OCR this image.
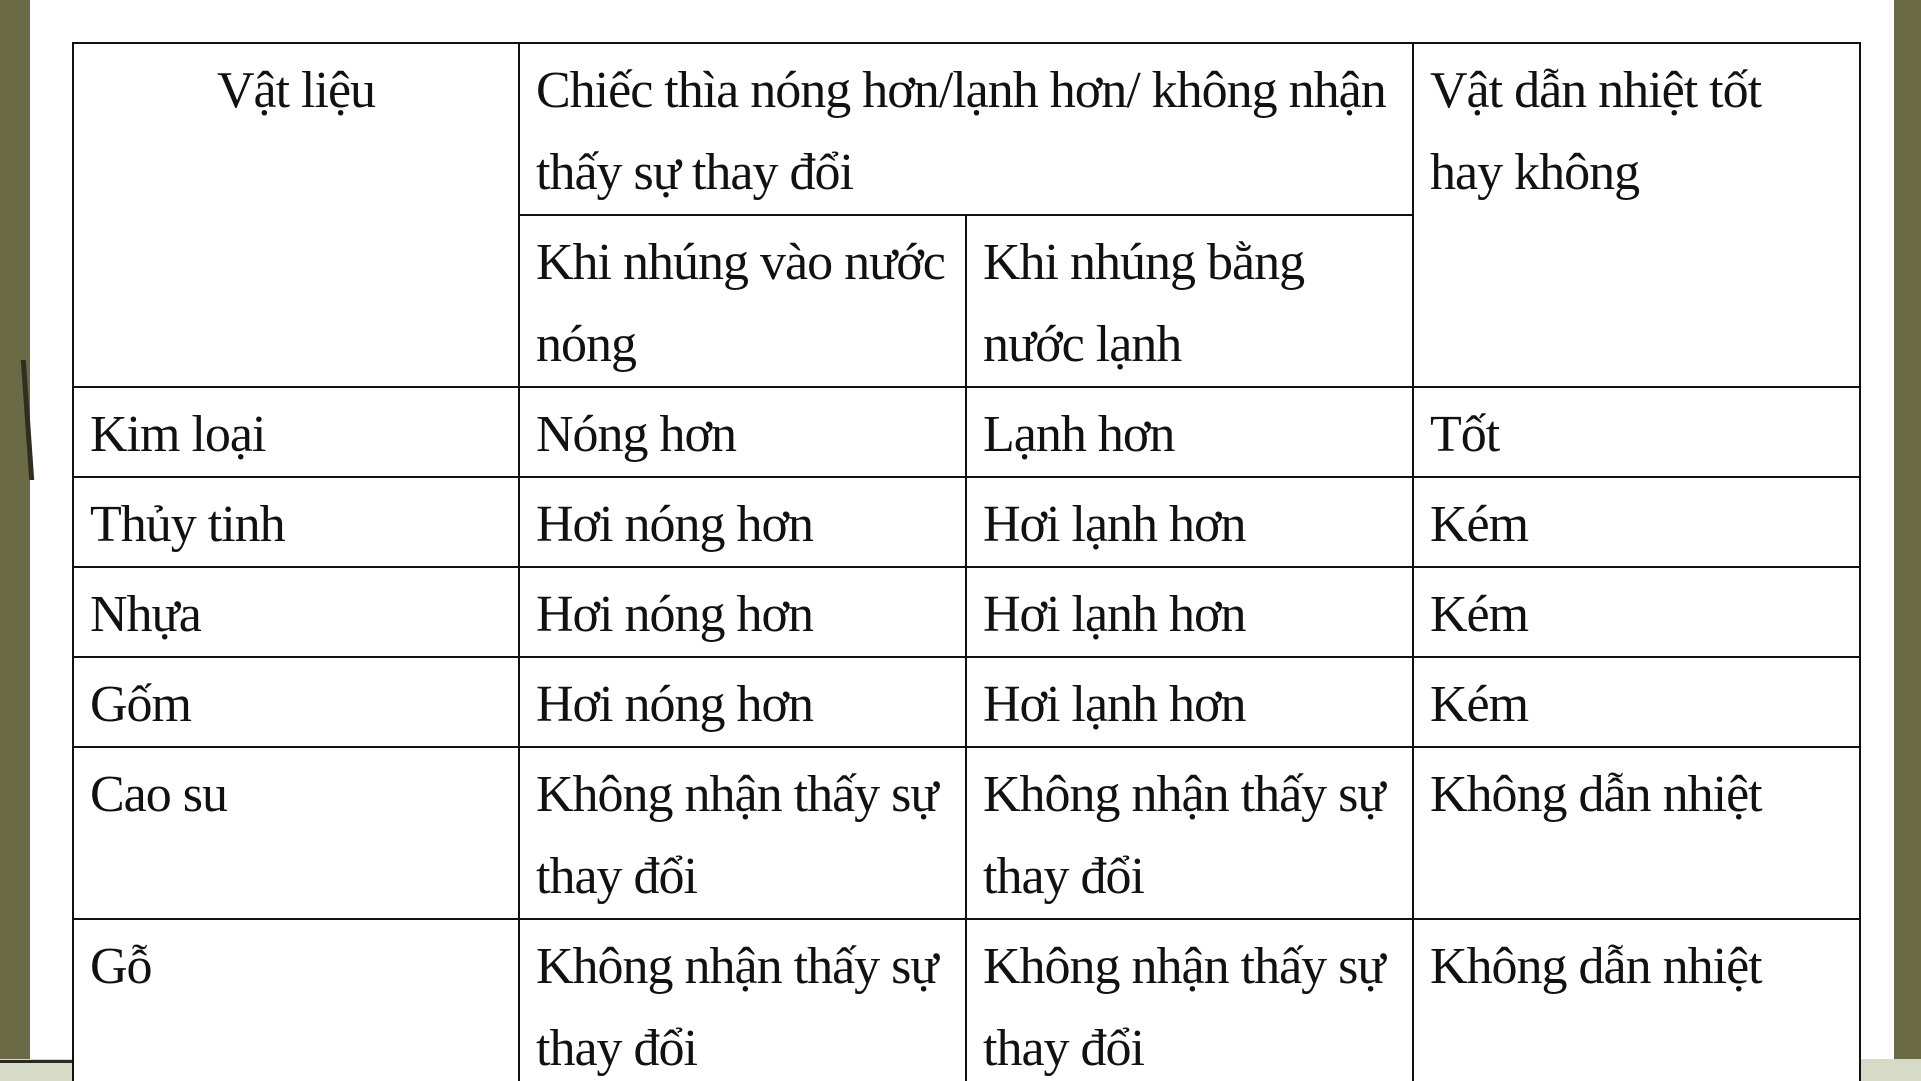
Vật liệu	Chiếc thìa nóng hơn/lạnh hơn/ không nhận thấy sự thay đổi		Vật dẫn nhiệt tốt hay không
	Khi nhúng vào nước nóng	Khi nhúng bằng nước lạnh	
Kim loại	Nóng hơn	Lạnh hơn	Tốt
Thủy tinh	Hơi nóng hơn	Hơi lạnh hơn	Kém
Nhựa	Hơi nóng hơn	Hơi lạnh hơn	Kém
Gốm	Hơi nóng hơn	Hơi lạnh hơn	Kém
Cao su	Không nhận thấy sự thay đổi	Không nhận thấy sự thay đổi	Không dẫn nhiệt
Gỗ	Không nhận thấy sự thay đổi	Không nhận thấy sự thay đổi	Không dẫn nhiệt
